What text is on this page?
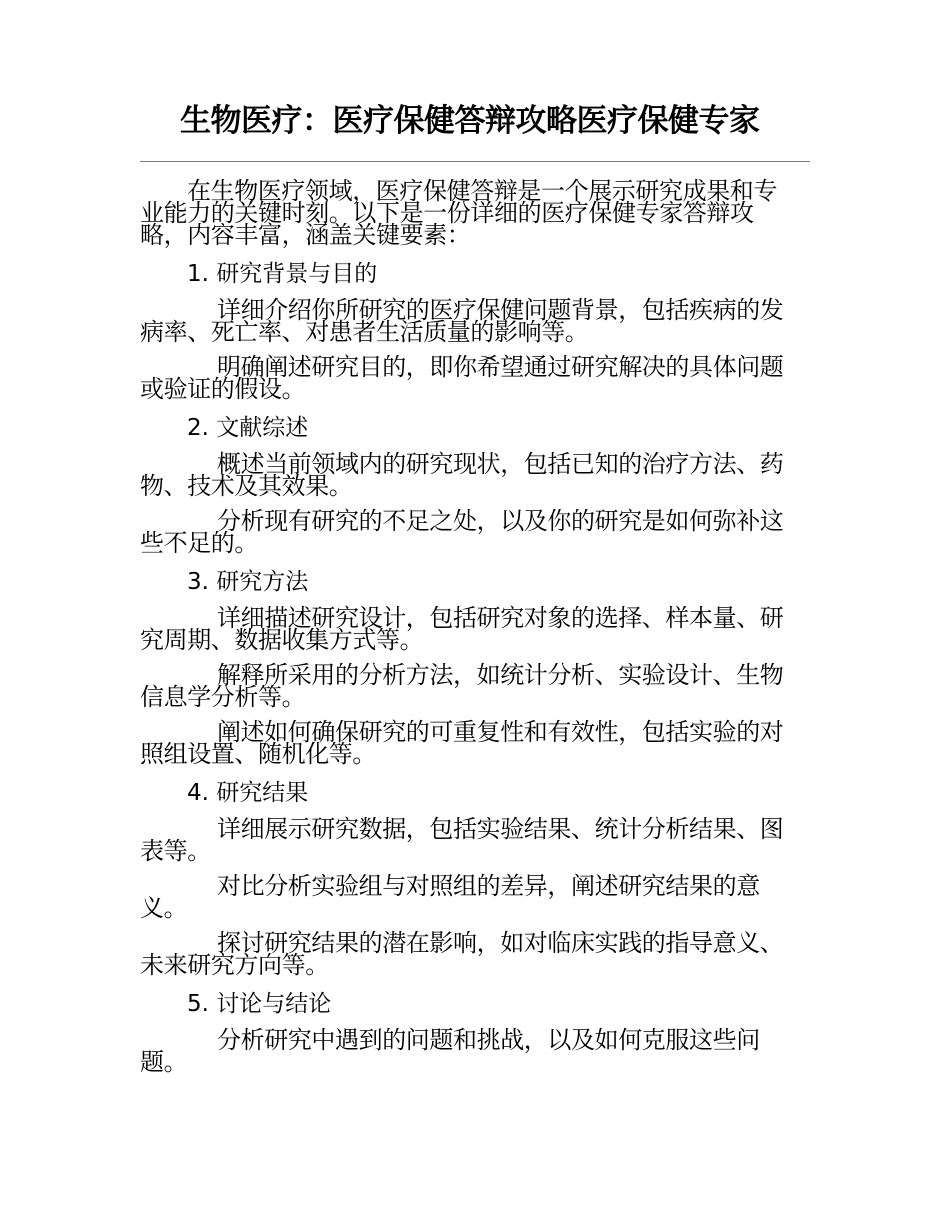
生物医疗：医疗保健答辩攻略医疗保健专家

在生物医疗领域，医疗保健答辩是一个展示研究成果和专业能力的关键时刻。以下是一份详细的医疗保健专家答辩攻略，内容丰富，涵盖关键要素：

1. 研究背景与目的

详细介绍你所研究的医疗保健问题背景，包括疾病的发病率、死亡率、对患者生活质量的影响等。

明确阐述研究目的，即你希望通过研究解决的具体问题或验证的假设。

2. 文献综述

概述当前领域内的研究现状，包括已知的治疗方法、药物、技术及其效果。

分析现有研究的不足之处，以及你的研究是如何弥补这些不足的。

3. 研究方法

详细描述研究设计，包括研究对象的选择、样本量、研究周期、数据收集方式等。

解释所采用的分析方法，如统计分析、实验设计、生物信息学分析等。

阐述如何确保研究的可重复性和有效性，包括实验的对照组设置、随机化等。

4. 研究结果

详细展示研究数据，包括实验结果、统计分析结果、图表等。

对比分析实验组与对照组的差异，阐述研究结果的意义。

探讨研究结果的潜在影响，如对临床实践的指导意义、未来研究方向等。

5. 讨论与结论

分析研究中遇到的问题和挑战，以及如何克服这些问题。
